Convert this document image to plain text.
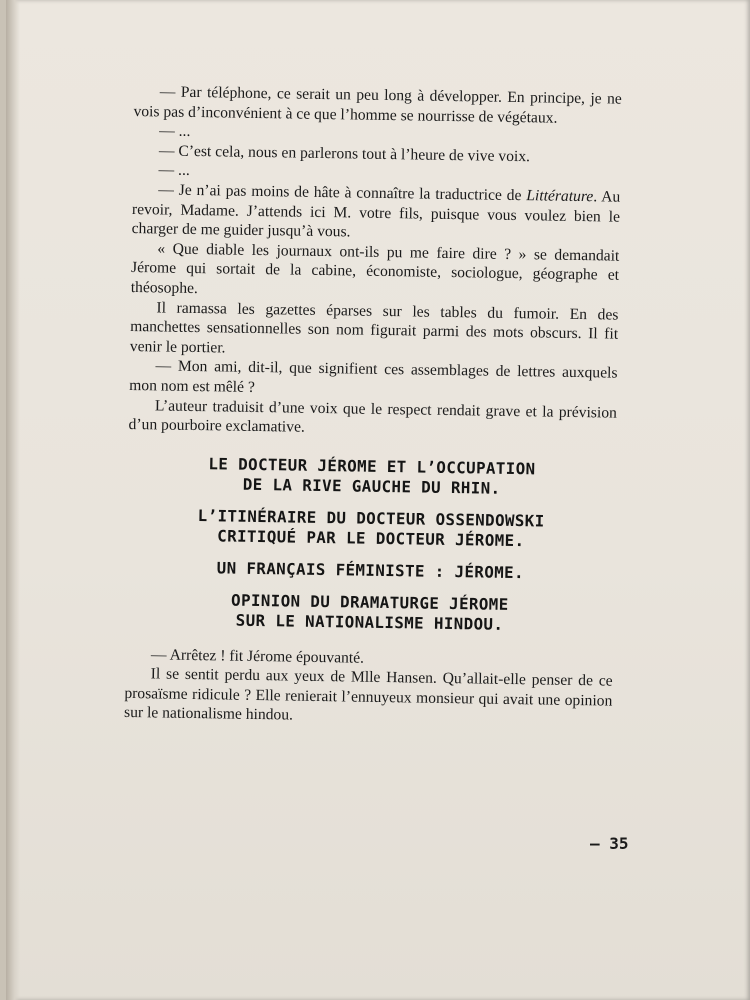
— Par téléphone, ce serait un peu long à développer. En principe, je ne vois pas d’inconvénient à ce que l’homme se nourrisse de végétaux.

— ...

— C’est cela, nous en parlerons tout à l’heure de vive voix.

— ...

— Je n’ai pas moins de hâte à connaître la traductrice de Littérature. Au revoir, Madame. J’attends ici M. votre fils, puisque vous voulez bien le charger de me guider jusqu’à vous.

« Que diable les journaux ont-ils pu me faire dire ? » se demandait Jérome qui sortait de la cabine, économiste, sociologue, géographe et théosophe.

Il ramassa les gazettes éparses sur les tables du fumoir. En des manchettes sensationnelles son nom figurait parmi des mots obscurs. Il fit venir le portier.

— Mon ami, dit-il, que signifient ces assemblages de lettres auxquels mon nom est mêlé ?

L’auteur traduisit d’une voix que le respect rendait grave et la prévision d’un pourboire exclamative.

LE DOCTEUR JÉROME ET L’OCCUPATION
DE LA RIVE GAUCHE DU RHIN.
L’ITINÉRAIRE DU DOCTEUR OSSENDOWSKI
CRITIQUÉ PAR LE DOCTEUR JÉROME.
UN FRANÇAIS FÉMINISTE : JÉROME.
OPINION DU DRAMATURGE JÉROME
SUR LE NATIONALISME HINDOU.

— Arrêtez ! fit Jérome épouvanté.

Il se sentit perdu aux yeux de Mlle Hansen. Qu’allait-elle penser de ce prosaïsme ridicule ? Elle renierait l’ennuyeux monsieur qui avait une opinion sur le nationalisme hindou.

— 35
